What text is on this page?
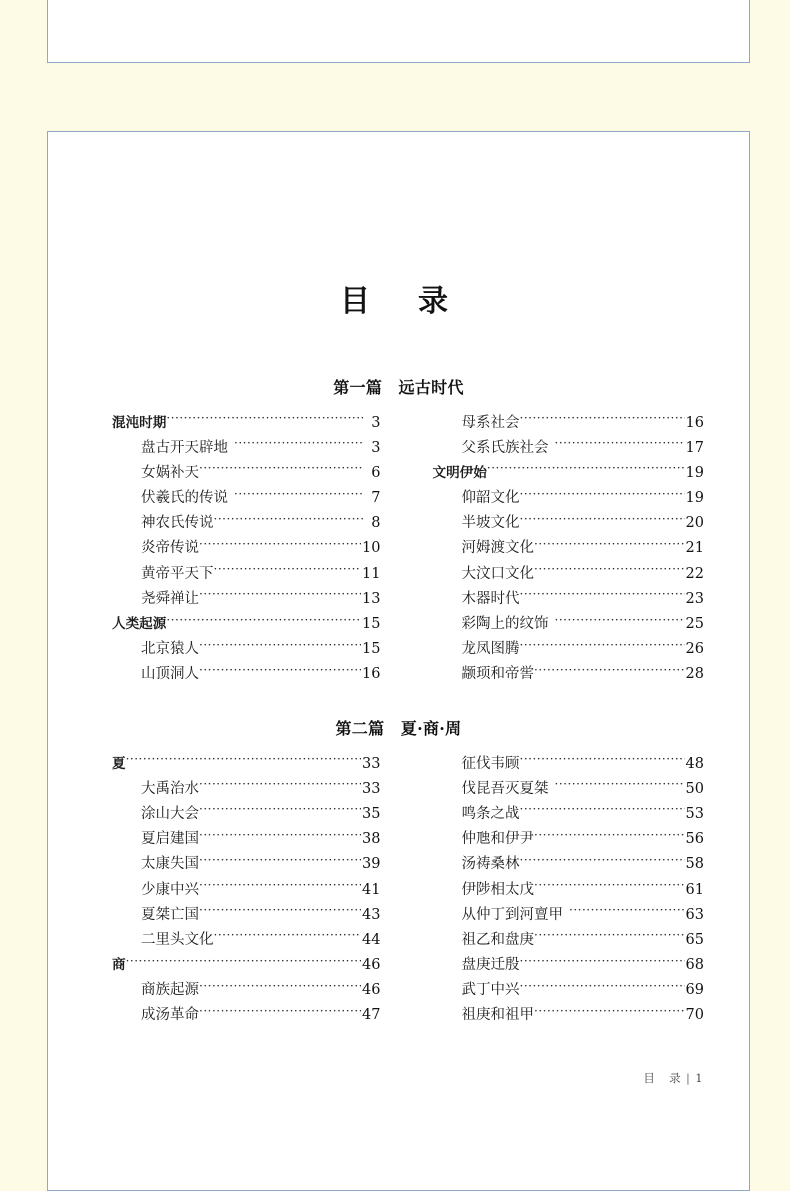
目　录
第一篇　远古时代
混沌时期 ·····	3
盘古开天辟地 ·····	3
女娲补天 ·····	6
伏羲氏的传说 ·····	7
神农氏传说 ·····	8
炎帝传说 ·····	10
黄帝平天下 ·····	11
尧舜禅让 ·····	13
人类起源 ·····	15
北京猿人 ·····	15
山顶洞人 ·····	16
母系社会 ·····	16
父系氏族社会 ·····	17
文明伊始 ·····	19
仰韶文化 ·····	19
半坡文化 ·····	20
河姆渡文化 ·····	21
大汶口文化 ·····	22
木器时代 ·····	23
彩陶上的纹饰 ·····	25
龙凤图腾 ·····	26
颛顼和帝喾 ·····	28
第二篇　夏·商·周
夏 ·····	33
大禹治水 ·····	33
涂山大会 ·····	35
夏启建国 ·····	38
太康失国 ·····	39
少康中兴 ·····	41
夏桀亡国 ·····	43
二里头文化 ·····	44
商 ·····	46
商族起源 ·····	46
成汤革命 ·····	47
征伐韦顾 ·····	48
伐昆吾灭夏桀 ·····	50
鸣条之战 ·····	53
仲虺和伊尹 ·····	56
汤祷桑林 ·····	58
伊陟相太戊 ·····	61
从仲丁到河亶甲 ·····	63
祖乙和盘庚 ·····	65
盘庚迁殷 ·····	68
武丁中兴 ·····	69
祖庚和祖甲 ·····	70
目　录 | 1
